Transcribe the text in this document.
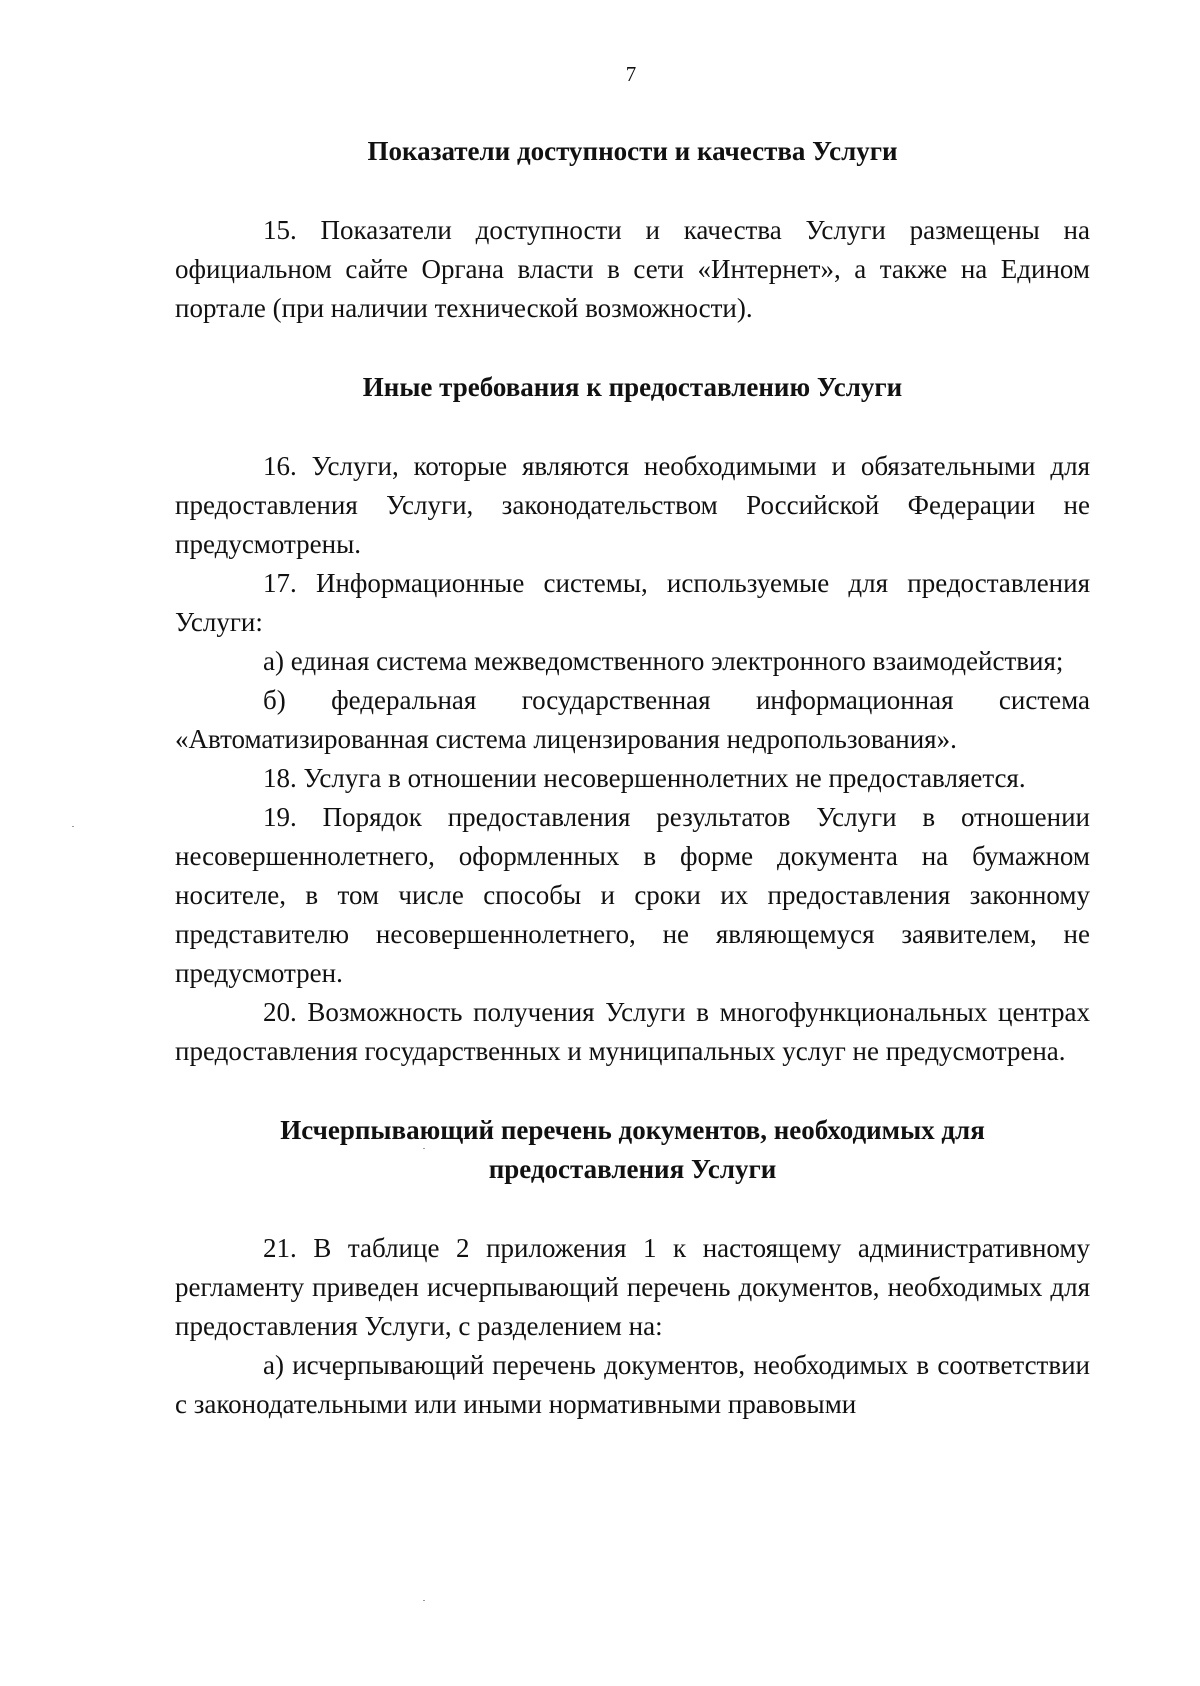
7
Показатели доступности и качества Услуги

15. Показатели доступности и качества Услуги размещены на официальном сайте Органа власти в сети «Интернет», а также на Едином портале (при наличии технической возможности).

Иные требования к предоставлению Услуги

16. Услуги, которые являются необходимыми и обязательными для предоставления Услуги, законодательством Российской Федерации не предусмотрены.

17. Информационные системы, используемые для предоставления Услуги:

а) единая система межведомственного электронного взаимодействия;

б) федеральная государственная информационная система «Автоматизированная система лицензирования недропользования».

18. Услуга в отношении несовершеннолетних не предоставляется.

19. Порядок предоставления результатов Услуги в отношении несовершеннолетнего, оформленных в форме документа на бумажном носителе, в том числе способы и сроки их предоставления законному представителю несовершеннолетнего, не являющемуся заявителем, не предусмотрен.

20. Возможность получения Услуги в многофункциональных центрах предоставления государственных и муниципальных услуг не предусмотрена.

Исчерпывающий перечень документов, необходимых для
предоставления Услуги

21. В таблице 2 приложения 1 к настоящему административному регламенту приведен исчерпывающий перечень документов, необходимых для предоставления Услуги, с разделением на:

а) исчерпывающий перечень документов, необходимых в соответствии с законодательными или иными нормативными правовыми
